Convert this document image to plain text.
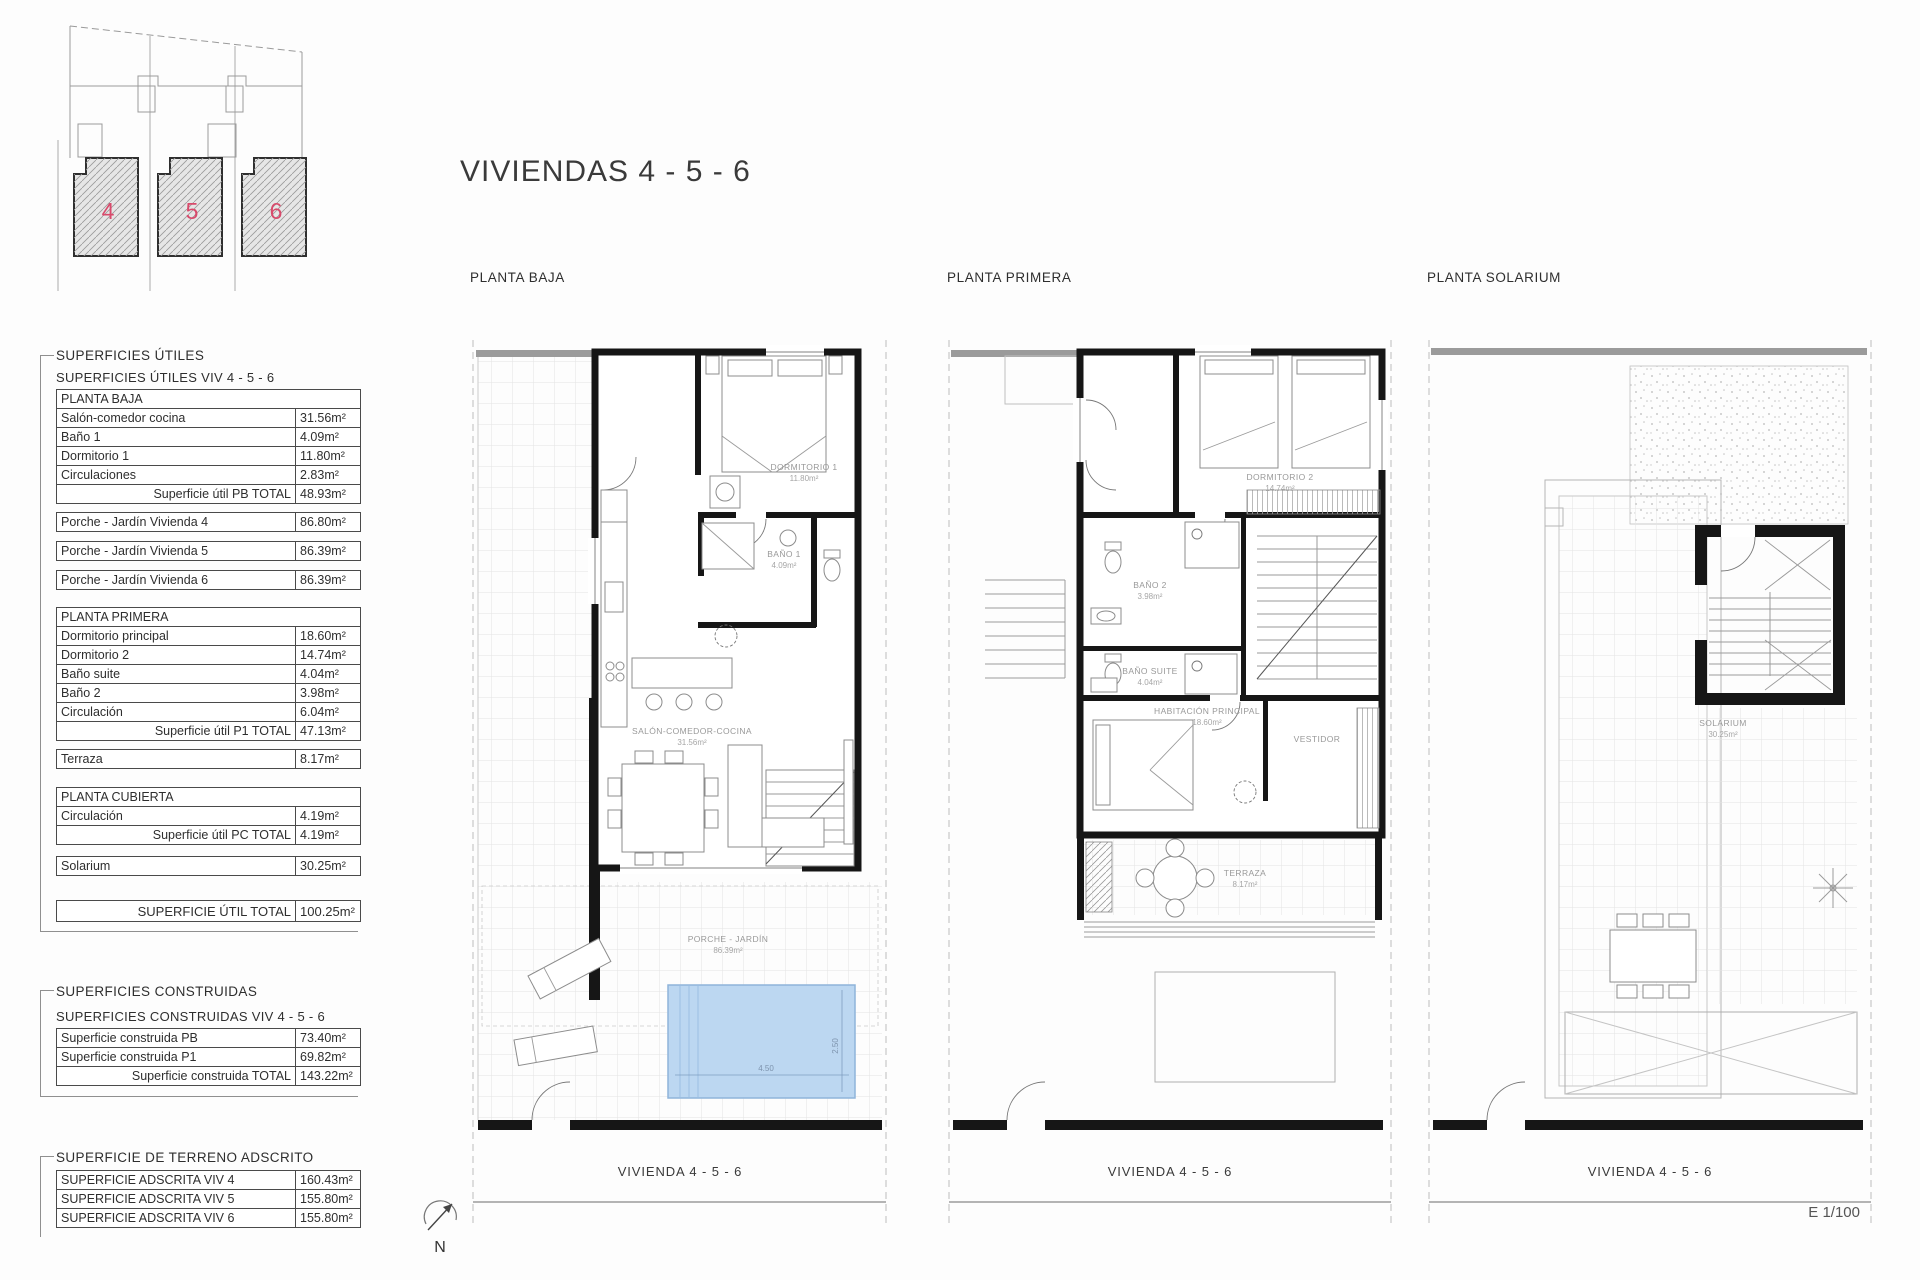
4	5	6
VIVIENDAS 4 - 5 - 6
SUPERFICIES ÚTILES
SUPERFICIES ÚTILES VIV 4 - 5 - 6
PLANTA BAJA	
Salón-comedor cocina	31.56m²
Baño 1	4.09m²
Dormitorio 1	11.80m²
Circulaciones	2.83m²
Superficie útil PB TOTAL	48.93m²
Porche - Jardín Vivienda 4	86.80m²
Porche - Jardín Vivienda 5	86.39m²
Porche - Jardín Vivienda 6	86.39m²
PLANTA PRIMERA	
Dormitorio principal	18.60m²
Dormitorio 2	14.74m²
Baño suite	4.04m²
Baño 2	3.98m²
Circulación	6.04m²
Superficie útil P1 TOTAL	47.13m²
Terraza	8.17m²
PLANTA CUBIERTA	
Circulación	4.19m²
Superficie útil PC TOTAL	4.19m²
Solarium	30.25m²
SUPERFICIE ÚTIL TOTAL	100.25m²
SUPERFICIES CONSTRUIDAS
SUPERFICIES CONSTRUIDAS VIV 4 - 5 - 6
Superficie construida PB	73.40m²
Superficie construida P1	69.82m²
Superficie construida TOTAL	143.22m²
SUPERFICIE DE TERRENO ADSCRITO
SUPERFICIE ADSCRITA VIV 4	160.43m²
SUPERFICIE ADSCRITA VIV 5	155.80m²
SUPERFICIE ADSCRITA VIV 6	155.80m²
PLANTA BAJA	PLANTA PRIMERA	PLANTA SOLARIUM
DORMITORIO 1
11.80m²
BAÑO 1
4.09m²
SALÓN-COMEDOR-COCINA
31.56m²
PORCHE - JARDÍN
86.39m²
4.50
2.50
DORMITORIO 2
14.74m²
BAÑO 2
3.98m²
BAÑO SUITE
4.04m²
HABITACIÓN PRINCIPAL
18.60m²
VESTIDOR
TERRAZA
8.17m²
SOLARIUM
30.25m²
VIVIENDA 4 - 5 - 6	VIVIENDA 4 - 5 - 6	VIVIENDA 4 - 5 - 6
N
E 1/100
